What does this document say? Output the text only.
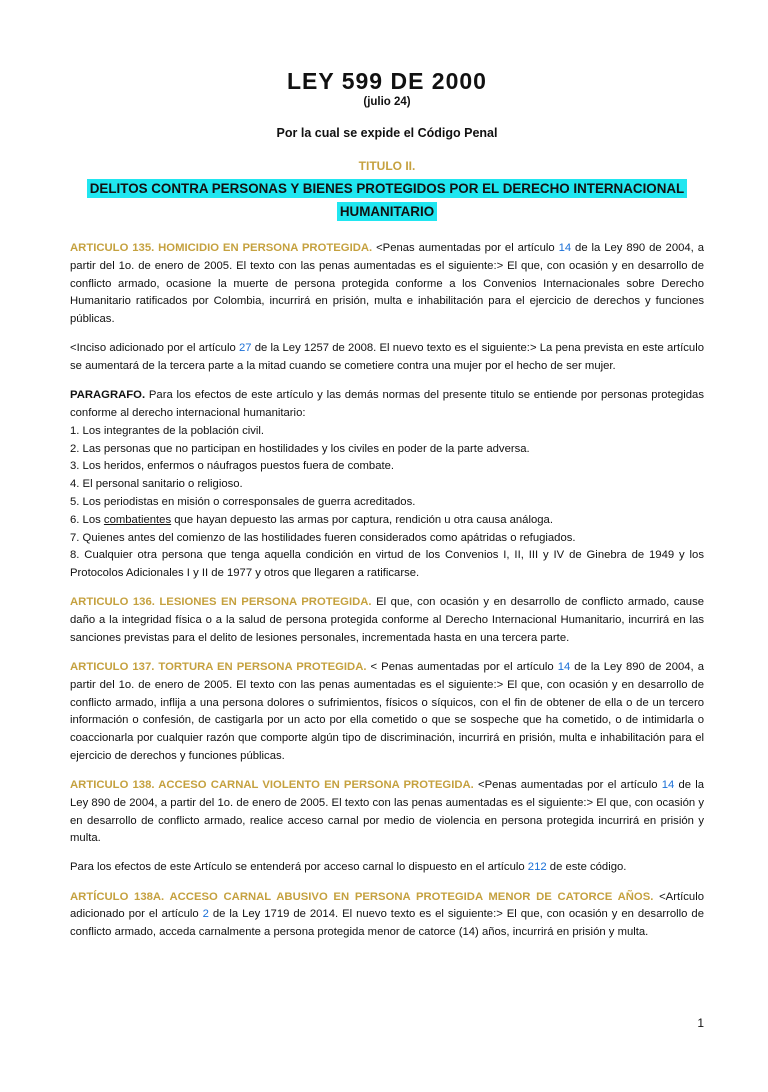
LEY 599 DE 2000
(julio 24)
Por la cual se expide el Código Penal
TITULO II.
DELITOS CONTRA PERSONAS Y BIENES PROTEGIDOS POR EL DERECHO INTERNACIONAL HUMANITARIO

ARTICULO 135. HOMICIDIO EN PERSONA PROTEGIDA. <Penas aumentadas por el artículo 14 de la Ley 890 de 2004, a partir del 1o. de enero de 2005. El texto con las penas aumentadas es el siguiente:> El que, con ocasión y en desarrollo de conflicto armado, ocasione la muerte de persona protegida conforme a los Convenios Internacionales sobre Derecho Humanitario ratificados por Colombia, incurrirá en prisión, multa e inhabilitación para el ejercicio de derechos y funciones públicas.

<Inciso adicionado por el artículo 27 de la Ley 1257 de 2008. El nuevo texto es el siguiente:> La pena prevista en este artículo se aumentará de la tercera parte a la mitad cuando se cometiere contra una mujer por el hecho de ser mujer.

PARAGRAFO. Para los efectos de este artículo y las demás normas del presente titulo se entiende por personas protegidas conforme al derecho internacional humanitario:
1. Los integrantes de la población civil.
2. Las personas que no participan en hostilidades y los civiles en poder de la parte adversa.
3. Los heridos, enfermos o náufragos puestos fuera de combate.
4. El personal sanitario o religioso.
5. Los periodistas en misión o corresponsales de guerra acreditados.
6. Los combatientes que hayan depuesto las armas por captura, rendición u otra causa análoga.
7. Quienes antes del comienzo de las hostilidades fueren considerados como apátridas o refugiados.
8. Cualquier otra persona que tenga aquella condición en virtud de los Convenios I, II, III y IV de Ginebra de 1949 y los Protocolos Adicionales I y II de 1977 y otros que llegaren a ratificarse.

ARTICULO 136. LESIONES EN PERSONA PROTEGIDA. El que, con ocasión y en desarrollo de conflicto armado, cause daño a la integridad física o a la salud de persona protegida conforme al Derecho Internacional Humanitario, incurrirá en las sanciones previstas para el delito de lesiones personales, incrementada hasta en una tercera parte.

ARTICULO 137. TORTURA EN PERSONA PROTEGIDA. < Penas aumentadas por el artículo 14 de la Ley 890 de 2004, a partir del 1o. de enero de 2005. El texto con las penas aumentadas es el siguiente:> El que, con ocasión y en desarrollo de conflicto armado, inflija a una persona dolores o sufrimientos, físicos o síquicos, con el fin de obtener de ella o de un tercero información o confesión, de castigarla por un acto por ella cometido o que se sospeche que ha cometido, o de intimidarla o coaccionarla por cualquier razón que comporte algún tipo de discriminación, incurrirá en prisión, multa e inhabilitación para el ejercicio de derechos y funciones públicas.

ARTICULO 138. ACCESO CARNAL VIOLENTO EN PERSONA PROTEGIDA. <Penas aumentadas por el artículo 14 de la Ley 890 de 2004, a partir del 1o. de enero de 2005. El texto con las penas aumentadas es el siguiente:> El que, con ocasión y en desarrollo de conflicto armado, realice acceso carnal por medio de violencia en persona protegida incurrirá en prisión y multa.

Para los efectos de este Artículo se entenderá por acceso carnal lo dispuesto en el artículo 212 de este código.

ARTÍCULO 138A. ACCESO CARNAL ABUSIVO EN PERSONA PROTEGIDA MENOR DE CATORCE AÑOS. <Artículo adicionado por el artículo 2 de la Ley 1719 de 2014. El nuevo texto es el siguiente:> El que, con ocasión y en desarrollo de conflicto armado, acceda carnalmente a persona protegida menor de catorce (14) años, incurrirá en prisión y multa.

1
